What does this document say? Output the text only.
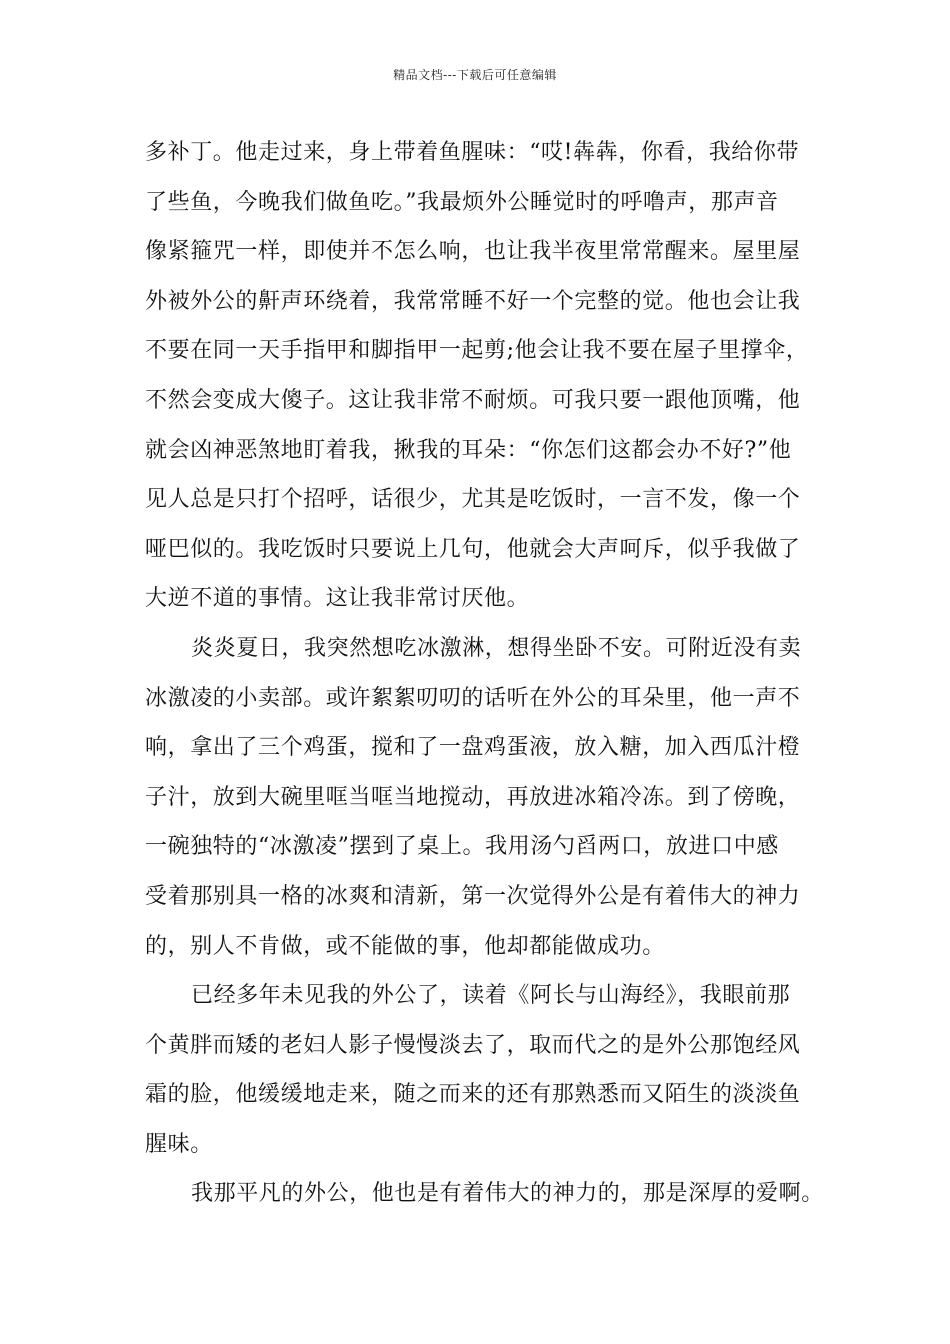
精品文档---下载后可任意编辑

多补丁。他走过来，身上带着鱼腥味：“哎!犇犇，你看，我给你带
了些鱼，今晚我们做鱼吃。”我最烦外公睡觉时的呼噜声，那声音
像紧箍咒一样，即使并不怎么响，也让我半夜里常常醒来。屋里屋
外被外公的鼾声环绕着，我常常睡不好一个完整的觉。他也会让我
不要在同一天手指甲和脚指甲一起剪;他会让我不要在屋子里撑伞，
不然会变成大傻子。这让我非常不耐烦。可我只要一跟他顶嘴，他
就会凶神恶煞地盯着我，揪我的耳朵：“你怎们这都会办不好?”他
见人总是只打个招呼，话很少，尤其是吃饭时，一言不发，像一个
哑巴似的。我吃饭时只要说上几句，他就会大声呵斥，似乎我做了
大逆不道的事情。这让我非常讨厌他。

炎炎夏日，我突然想吃冰激淋，想得坐卧不安。可附近没有卖
冰激凌的小卖部。或许絮絮叨叨的话听在外公的耳朵里，他一声不
响，拿出了三个鸡蛋，搅和了一盘鸡蛋液，放入糖，加入西瓜汁橙
子汁，放到大碗里哐当哐当地搅动，再放进冰箱冷冻。到了傍晚，
一碗独特的“冰激凌”摆到了桌上。我用汤勺舀两口，放进口中感
受着那别具一格的冰爽和清新，第一次觉得外公是有着伟大的神力
的，别人不肯做，或不能做的事，他却都能做成功。

已经多年未见我的外公了，读着《阿长与山海经》，我眼前那
个黄胖而矮的老妇人影子慢慢淡去了，取而代之的是外公那饱经风
霜的脸，他缓缓地走来，随之而来的还有那熟悉而又陌生的淡淡鱼
腥味。

我那平凡的外公，他也是有着伟大的神力的，那是深厚的爱啊。
